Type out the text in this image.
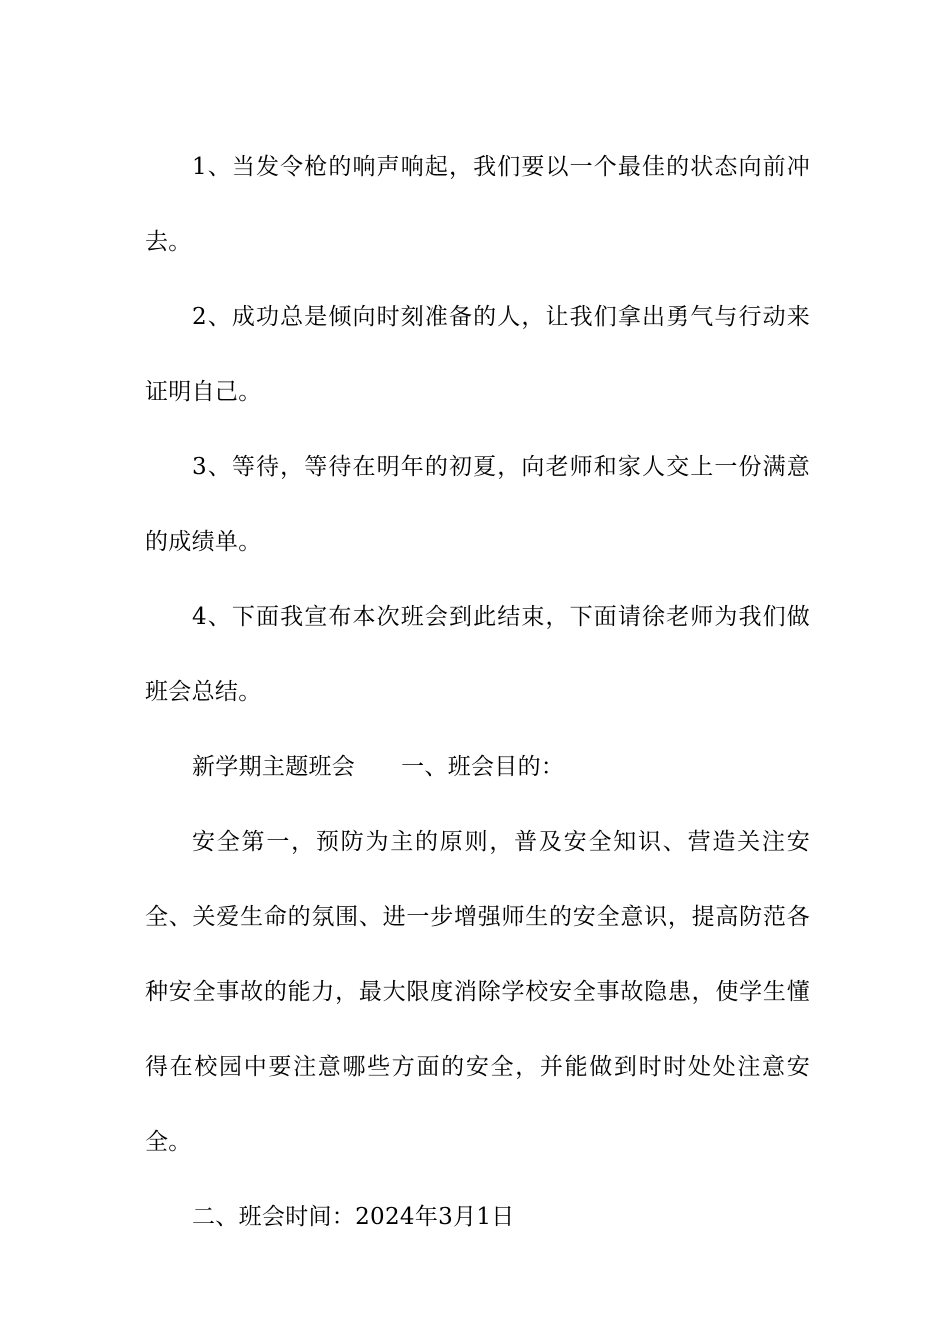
1、当发令枪的响声响起，我们要以一个最佳的状态向前冲去。

2、成功总是倾向时刻准备的人，让我们拿出勇气与行动来证明自己。

3、等待，等待在明年的初夏，向老师和家人交上一份满意的成绩单。

4、下面我宣布本次班会到此结束，下面请徐老师为我们做班会总结。

新学期主题班会 一、班会目的：

安全第一，预防为主的原则，普及安全知识、营造关注安全、关爱生命的氛围、进一步增强师生的安全意识，提高防范各种安全事故的能力，最大限度消除学校安全事故隐患，使学生懂得在校园中要注意哪些方面的安全，并能做到时时处处注意安全。

二、班会时间：2024年3月1日
